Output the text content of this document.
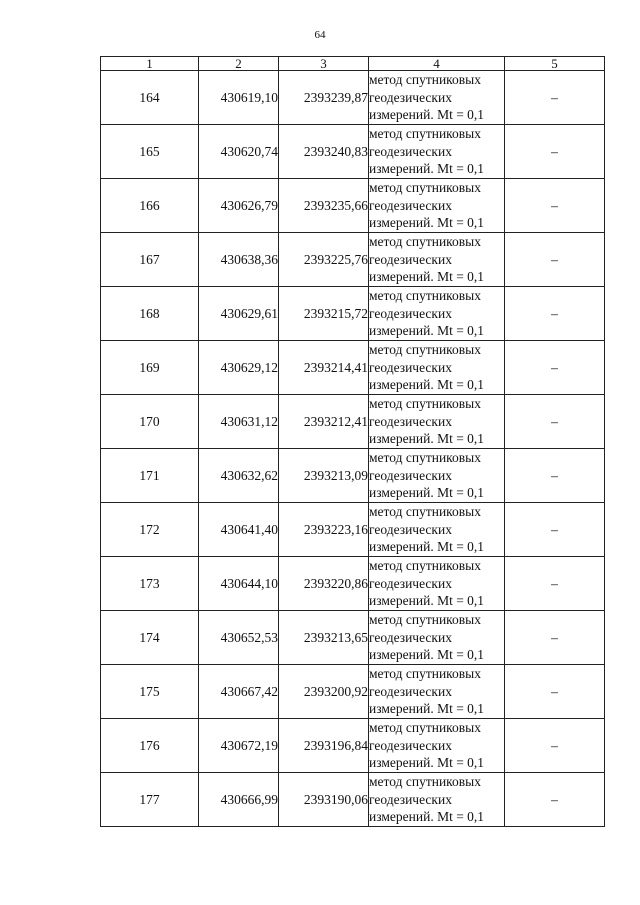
64
1	2	3	4	5
164	430619,10	2393239,87	метод спутниковых
геодезических
измерений. Mt = 0,1	–
165	430620,74	2393240,83	метод спутниковых
геодезических
измерений. Mt = 0,1	–
166	430626,79	2393235,66	метод спутниковых
геодезических
измерений. Mt = 0,1	–
167	430638,36	2393225,76	метод спутниковых
геодезических
измерений. Mt = 0,1	–
168	430629,61	2393215,72	метод спутниковых
геодезических
измерений. Mt = 0,1	–
169	430629,12	2393214,41	метод спутниковых
геодезических
измерений. Mt = 0,1	–
170	430631,12	2393212,41	метод спутниковых
геодезических
измерений. Mt = 0,1	–
171	430632,62	2393213,09	метод спутниковых
геодезических
измерений. Mt = 0,1	–
172	430641,40	2393223,16	метод спутниковых
геодезических
измерений. Mt = 0,1	–
173	430644,10	2393220,86	метод спутниковых
геодезических
измерений. Mt = 0,1	–
174	430652,53	2393213,65	метод спутниковых
геодезических
измерений. Mt = 0,1	–
175	430667,42	2393200,92	метод спутниковых
геодезических
измерений. Mt = 0,1	–
176	430672,19	2393196,84	метод спутниковых
геодезических
измерений. Mt = 0,1	–
177	430666,99	2393190,06	метод спутниковых
геодезических
измерений. Mt = 0,1	–
